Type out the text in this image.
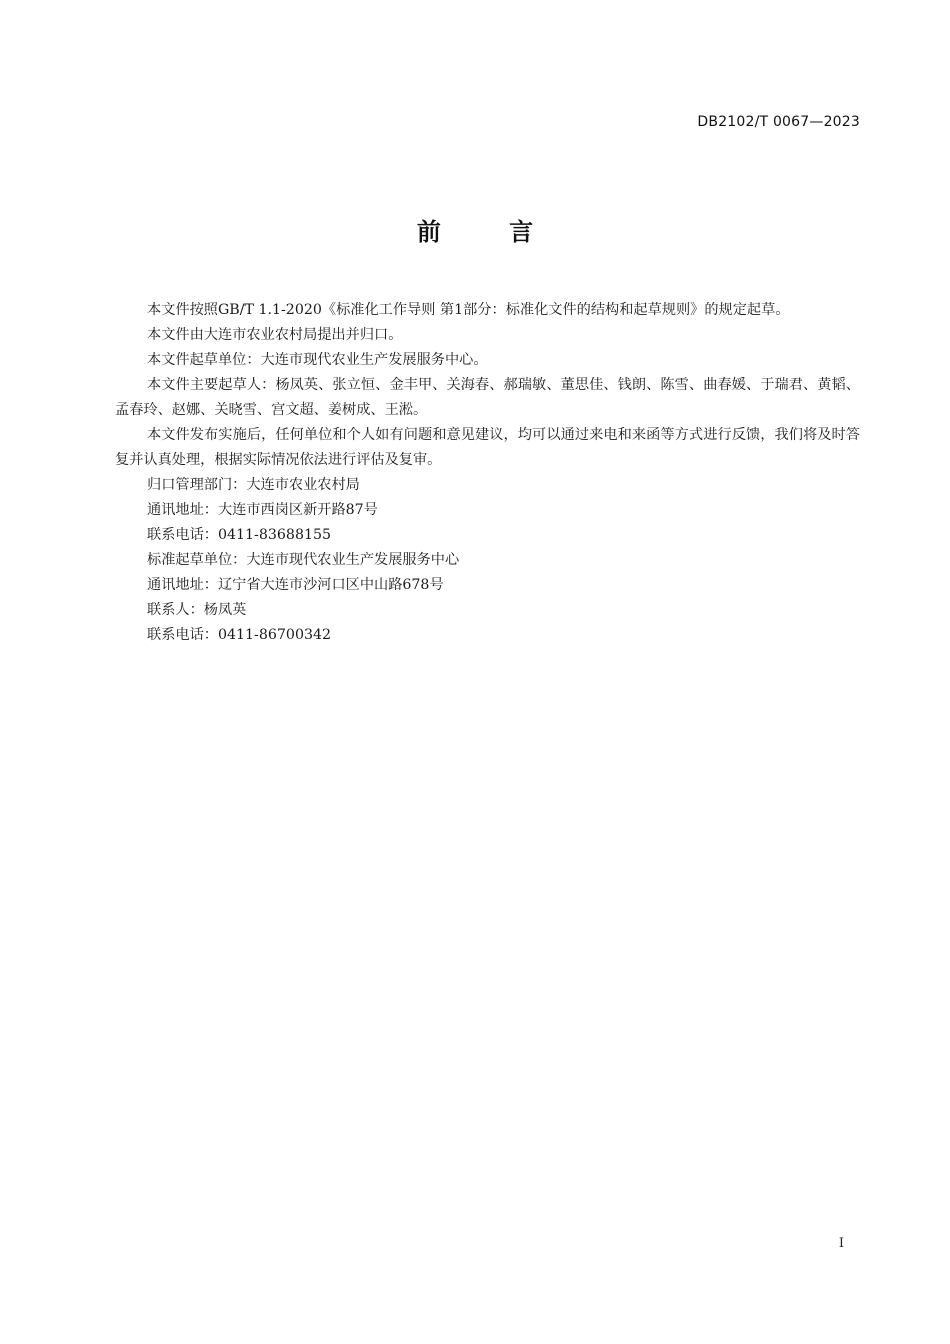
DB2102/T 0067—2023
前 言

本文件按照GB/T 1.1-2020《标准化工作导则 第1部分：标准化文件的结构和起草规则》的规定起草。

本文件由大连市农业农村局提出并归口。

本文件起草单位：大连市现代农业生产发展服务中心。

本文件主要起草人：杨凤英、张立恒、金丰甲、关海春、郝瑞敏、董思佳、钱朗、陈雪、曲春媛、于瑞君、黄韬、孟春玲、赵娜、关晓雪、宫文超、姜树成、王淞。

本文件发布实施后，任何单位和个人如有问题和意见建议，均可以通过来电和来函等方式进行反馈，我们将及时答复并认真处理，根据实际情况依法进行评估及复审。

归口管理部门：大连市农业农村局

通讯地址：大连市西岗区新开路87号

联系电话：0411-83688155

标准起草单位：大连市现代农业生产发展服务中心

通讯地址：辽宁省大连市沙河口区中山路678号

联系人：杨凤英

联系电话：0411-86700342

I
